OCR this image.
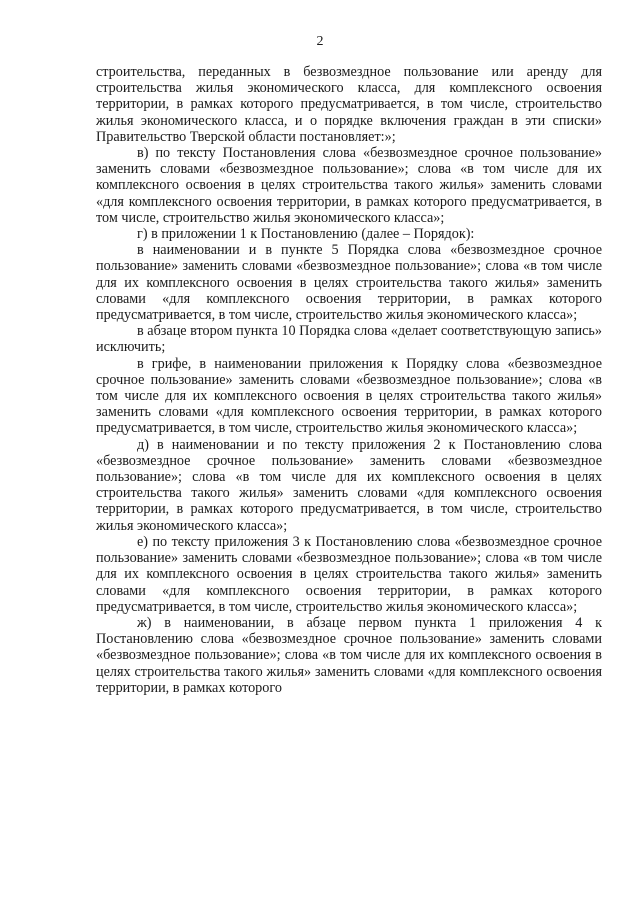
2

строительства, переданных в безвозмездное пользование или аренду для строительства жилья экономического класса, для комплексного освоения территории, в рамках которого предусматривается, в том числе, строительство жилья экономического класса, и о порядке включения граждан в эти списки» Правительство Тверской области постановляет:»;

в) по тексту Постановления слова «безвозмездное срочное пользование» заменить словами «безвозмездное пользование»; слова «в том числе для их комплексного освоения в целях строительства такого жилья» заменить словами «для комплексного освоения территории, в рамках которого предусматривается, в том числе, строительство жилья экономического класса»;

г) в приложении 1 к Постановлению (далее – Порядок):

в наименовании и в пункте 5 Порядка слова «безвозмездное срочное пользование» заменить словами «безвозмездное пользование»; слова «в том числе для их комплексного освоения в целях строительства такого жилья» заменить словами «для комплексного освоения территории, в рамках которого предусматривается, в том числе, строительство жилья экономического класса»;

в абзаце втором пункта 10 Порядка слова «делает соответствующую запись» исключить;

в грифе, в наименовании приложения к Порядку слова «безвозмездное срочное пользование» заменить словами «безвозмездное пользование»; слова «в том числе для их комплексного освоения в целях строительства такого жилья» заменить словами «для комплексного освоения территории, в рамках которого предусматривается, в том числе, строительство жилья экономического класса»;

д) в наименовании и по тексту приложения 2 к Постановлению слова «безвозмездное срочное пользование» заменить словами «безвозмездное пользование»; слова «в том числе для их комплексного освоения в целях строительства такого жилья» заменить словами «для комплексного освоения территории, в рамках которого предусматривается, в том числе, строительство жилья экономического класса»;

е) по тексту приложения 3 к Постановлению слова «безвозмездное срочное пользование» заменить словами «безвозмездное пользование»; слова «в том числе для их комплексного освоения в целях строительства такого жилья» заменить словами «для комплексного освоения территории, в рамках которого предусматривается, в том числе, строительство жилья экономического класса»;

ж) в наименовании, в абзаце первом пункта 1 приложения 4 к Постановлению слова «безвозмездное срочное пользование» заменить словами «безвозмездное пользование»; слова «в том числе для их комплексного освоения в целях строительства такого жилья» заменить словами «для комплексного освоения территории, в рамках которого
